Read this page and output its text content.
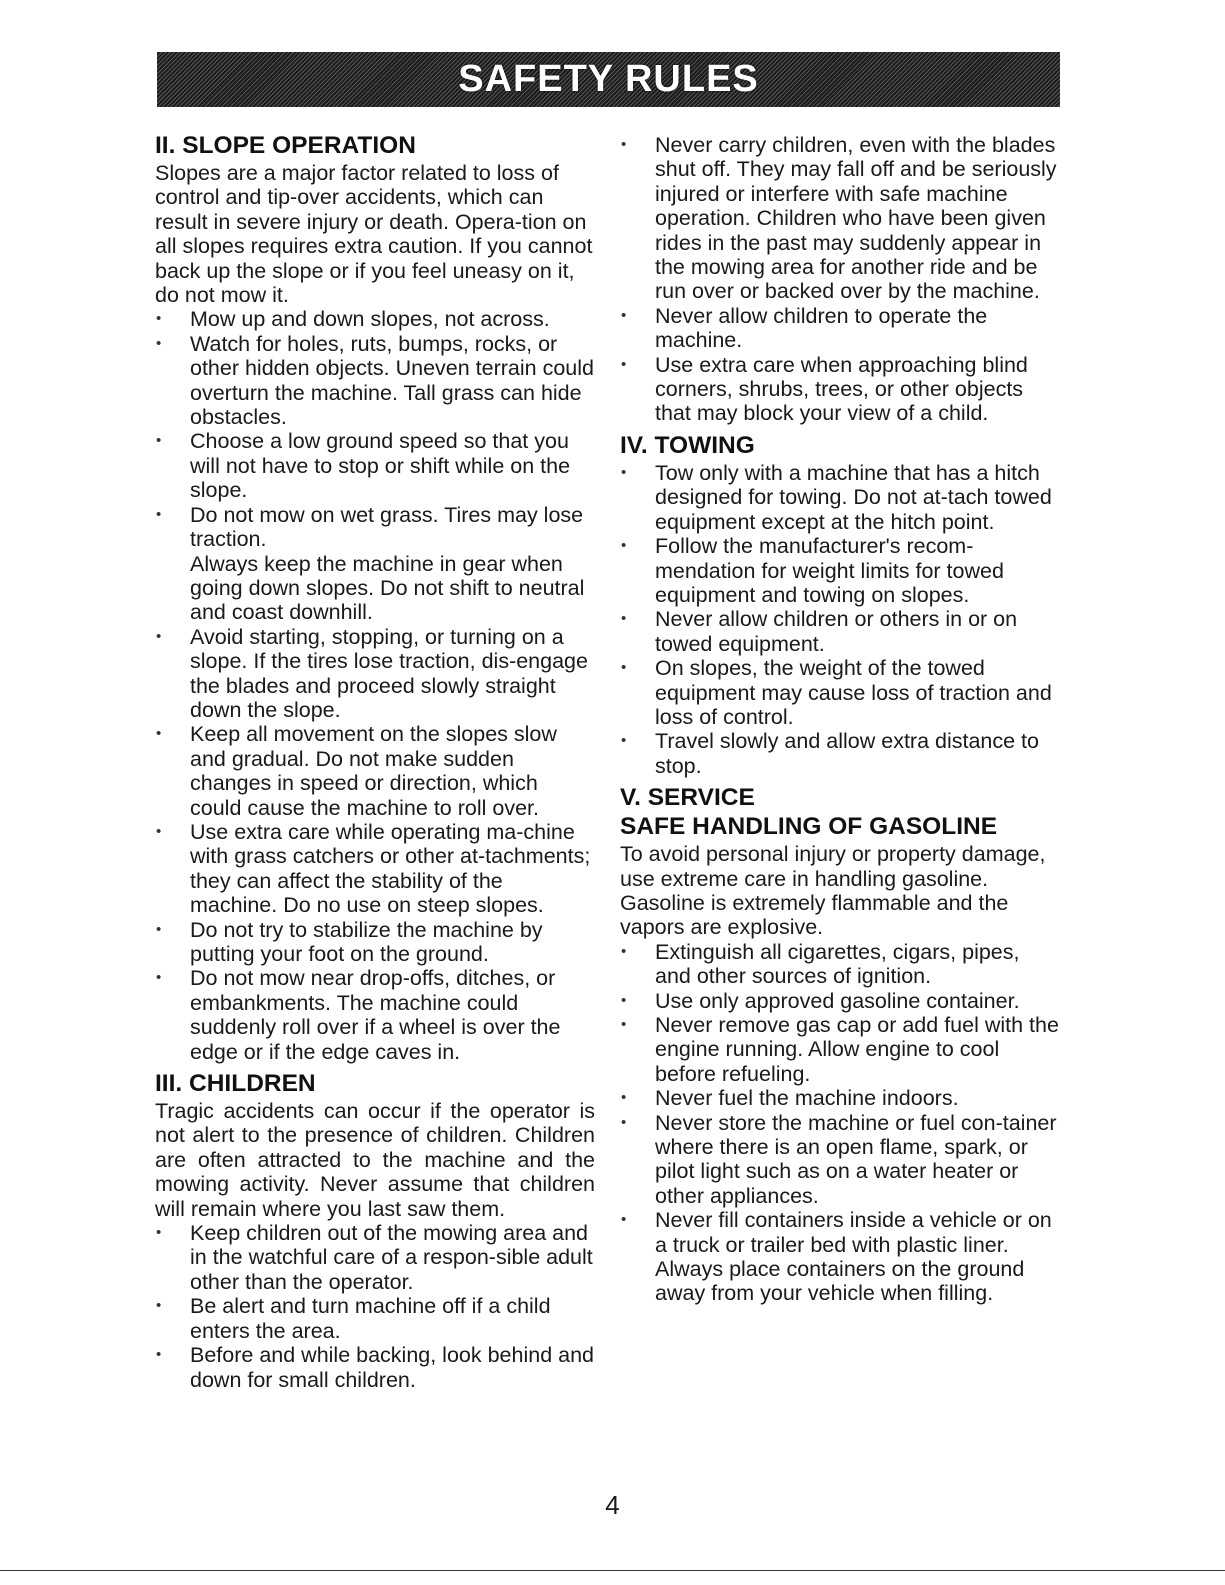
SAFETY RULES
II. SLOPE OPERATION

Slopes are a major factor related to loss of control and tip-over accidents, which can result in severe injury or death. Opera-tion on all slopes requires extra caution. If you cannot back up the slope or if you feel uneasy on it, do not mow it.

• Mow up and down slopes, not across.
• Watch for holes, ruts, bumps, rocks, or other hidden objects. Uneven terrain could overturn the machine. Tall grass can hide obstacles.
• Choose a low ground speed so that you will not have to stop or shift while on the slope.
• Do not mow on wet grass. Tires may lose traction.
Always keep the machine in gear when going down slopes. Do not shift to neutral and coast downhill.
• Avoid starting, stopping, or turning on a slope. If the tires lose traction, dis-engage the blades and proceed slowly straight down the slope.
• Keep all movement on the slopes slow and gradual. Do not make sudden changes in speed or direction, which could cause the machine to roll over.
• Use extra care while operating ma-chine with grass catchers or other at-tachments; they can affect the stability of the machine. Do no use on steep slopes.
• Do not try to stabilize the machine by putting your foot on the ground.
• Do not mow near drop-offs, ditches, or embankments. The machine could suddenly roll over if a wheel is over the edge or if the edge caves in.
III. CHILDREN

Tragic accidents can occur if the operator is not alert to the presence of children. Children are often attracted to the machine and the mowing activity. Never assume that children will remain where you last saw them.

• Keep children out of the mowing area and in the watchful care of a respon-sible adult other than the operator.
• Be alert and turn machine off if a child enters the area.
• Before and while backing, look behind and down for small children.
• Never carry children, even with the blades shut off. They may fall off and be seriously injured or interfere with safe machine operation. Children who have been given rides in the past may suddenly appear in the mowing area for another ride and be run over or backed over by the machine.
• Never allow children to operate the machine.
• Use extra care when approaching blind corners, shrubs, trees, or other objects that may block your view of a child.
IV. TOWING
• Tow only with a machine that has a hitch designed for towing. Do not at-tach towed equipment except at the hitch point.
• Follow the manufacturer's recom-mendation for weight limits for towed equipment and towing on slopes.
• Never allow children or others in or on towed equipment.
• On slopes, the weight of the towed equipment may cause loss of traction and loss of control.
• Travel slowly and allow extra distance to stop.
V. SERVICE
SAFE HANDLING OF GASOLINE

To avoid personal injury or property damage, use extreme care in handling gasoline. Gasoline is extremely flammable and the vapors are explosive.

• Extinguish all cigarettes, cigars, pipes, and other sources of ignition.
• Use only approved gasoline container.
• Never remove gas cap or add fuel with the engine running. Allow engine to cool before refueling.
• Never fuel the machine indoors.
• Never store the machine or fuel con-tainer where there is an open flame, spark, or pilot light such as on a water heater or other appliances.
• Never fill containers inside a vehicle or on a truck or trailer bed with plastic liner. Always place containers on the ground away from your vehicle when filling.
4
